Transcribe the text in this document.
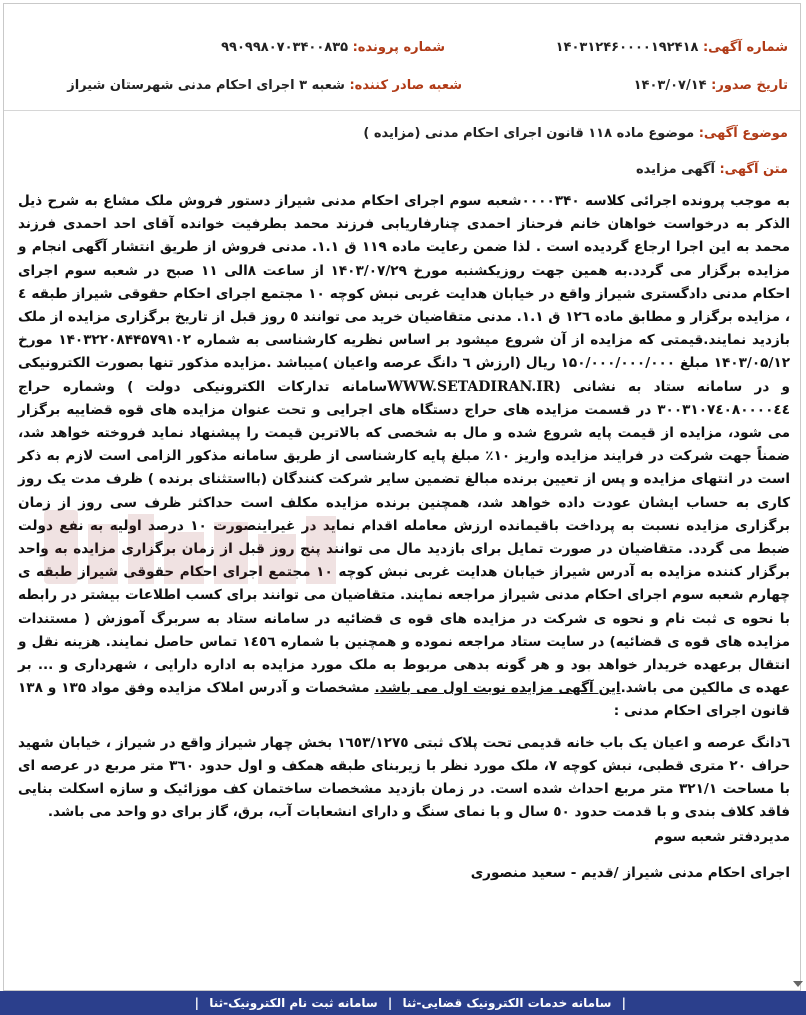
شماره آگهی: ۱۴۰۳۱۲۴۶۰۰۰۰۱۹۲۴۱۸
شماره پرونده: ۹۹۰۹۹۸۰۷۰۳۴۰۰۸۳۵
تاریخ صدور: ۱۴۰۳/۰۷/۱۴
شعبه صادر کننده: شعبه ۳ اجرای احکام مدنی شهرستان شیراز
موضوع آگهی: موضوع ماده ۱۱۸ قانون اجرای احکام مدنی (مزایده )
متن آگهی: آگهی مزایده

به موجب پرونده اجرائی کلاسه ۰۰۰۰۳۴۰شعبه سوم اجرای احکام مدنی شیراز دستور فروش ملک مشاع به شرح ذیل الذکر به درخواست خواهان خانم فرحناز احمدی چنارفاریابی فرزند محمد بطرفیت خوانده آقای احد احمدی فرزند محمد به این اجرا ارجاع گردیده است . لذا ضمن رعایت ماده ۱۱۹ ق ۱.۱. مدنی فروش از طریق انتشار آگهی انجام و مزایده برگزار می گردد.به همین جهت روزیکشنبه مورخ ۱۴۰۳/۰۷/۲۹ از ساعت ۸الی ۱۱ صبح در شعبه سوم اجرای احکام مدنی دادگستری شیراز واقع در خیابان هدایت غربی نبش کوچه ۱۰ مجتمع اجرای احکام حقوقی شیراز طبقه ٤ ، مزایده برگزار و مطابق ماده ۱۲٦ ق ۱.۱. مدنی متقاضیان خرید می توانند ٥ روز قبل از تاریخ برگزاری مزایده از ملک بازدید نمایند.قیمتی که مزایده از آن شروع میشود بر اساس نظریه کارشناسی به شماره ۱۴۰۳۲۲۰۸۴۴۵۷۹۱۰۲ مورخ ۱۴۰۳/۰۵/۱۲ مبلغ ۱۵۰/۰۰۰/۰۰۰/۰۰۰ ریال (ارزش ٦ دانگ عرصه واعیان )میباشد .مزایده مذکور تنها بصورت الکترونیکی و در سامانه ستاد به نشانی (WWW.SETADIRAN.IRسامانه تدارکات الکترونیکی دولت ) وشماره حراج ۳۰۰۳۱۰۷٤۰۸۰۰۰۰٤٤ در قسمت مزایده های حراج دستگاه های اجرایی و تحت عنوان مزایده های قوه قضاییه برگزار می شود، مزایده از قیمت پایه شروع شده و مال به شخصی که بالاترین قیمت را پیشنهاد نماید فروخته خواهد شد، ضمناً جهت شرکت در فرایند مزایده واریز ۱۰٪ مبلغ پایه کارشناسی از طریق سامانه مذکور الزامی است لازم به ذکر است در انتهای مزایده و پس از تعیین برنده مبالغ تضمین سایر شرکت کنندگان (بااستثنای برنده ) ظرف مدت یک روز کاری به حساب ایشان عودت داده خواهد شد، همچنین برنده مزایده مکلف است حداکثر ظرف سی روز از زمان برگزاری مزایده نسبت به پرداخت باقیمانده ارزش معامله اقدام نماید در غیراینصورت ۱۰ درصد اولیه به نفع دولت ضبط می گردد. متقاضیان در صورت تمایل برای بازدید مال می توانند پنج روز قبل از زمان برگزاری مزایده به واحد برگزار کننده مزایده به آدرس شیراز خیابان هدایت غربی نبش کوچه ۱۰ مجتمع اجرای احکام حقوقی شیراز طبقه ی چهارم شعبه سوم اجرای احکام مدنی شیراز مراجعه نمایند. متقاضیان می توانند برای کسب اطلاعات بیشتر در رابطه با نحوه ی ثبت نام و نحوه ی شرکت در مزایده های قوه ی قضائیه در سامانه ستاد به سربرگ آموزش ( مستندات مزایده های قوه ی قضائیه) در سایت ستاد مراجعه نموده و همچنین با شماره ۱٤٥٦ تماس حاصل نمایند. هزینه نقل و انتقال برعهده خریدار خواهد بود و هر گونه بدهی مربوط به ملک مورد مزایده به اداره دارایی ، شهرداری و ... بر عهده ی مالکین می باشد.این آگهی مزایده نوبت اول می باشد. مشخصات و آدرس املاک مزایده وفق مواد ۱۳۵ و ۱۳۸ قانون اجرای احکام مدنی :

٦دانگ عرصه و اعیان یک باب خانه قدیمی تحت پلاک ثبتی ۱٦٥۳/۱۲۷٥ بخش چهار شیراز واقع در شیراز ، خیابان شهید حراف ۲۰ متری قطبی، نبش کوچه ۷، ملک مورد نظر با زیربنای طبقه همکف و اول حدود ۳٦۰ متر مربع در عرصه ای با مساحت ۳۲۱/۱ متر مربع احداث شده است. در زمان بازدید مشخصات ساختمان کف موزائیک و سازه اسکلت بنایی فاقد کلاف بندی و با قدمت حدود ٥۰ سال و با نمای سنگ و دارای انشعابات آب، برق، گاز برای دو واحد می باشد.

مدیردفتر شعبه سوم

اجرای احکام مدنی شیراز /قدیم - سعید منصوری

| سامانه خدمات الکترونیک قضایی-ثنا | سامانه ثبت نام الکترونیک-ثنا |
